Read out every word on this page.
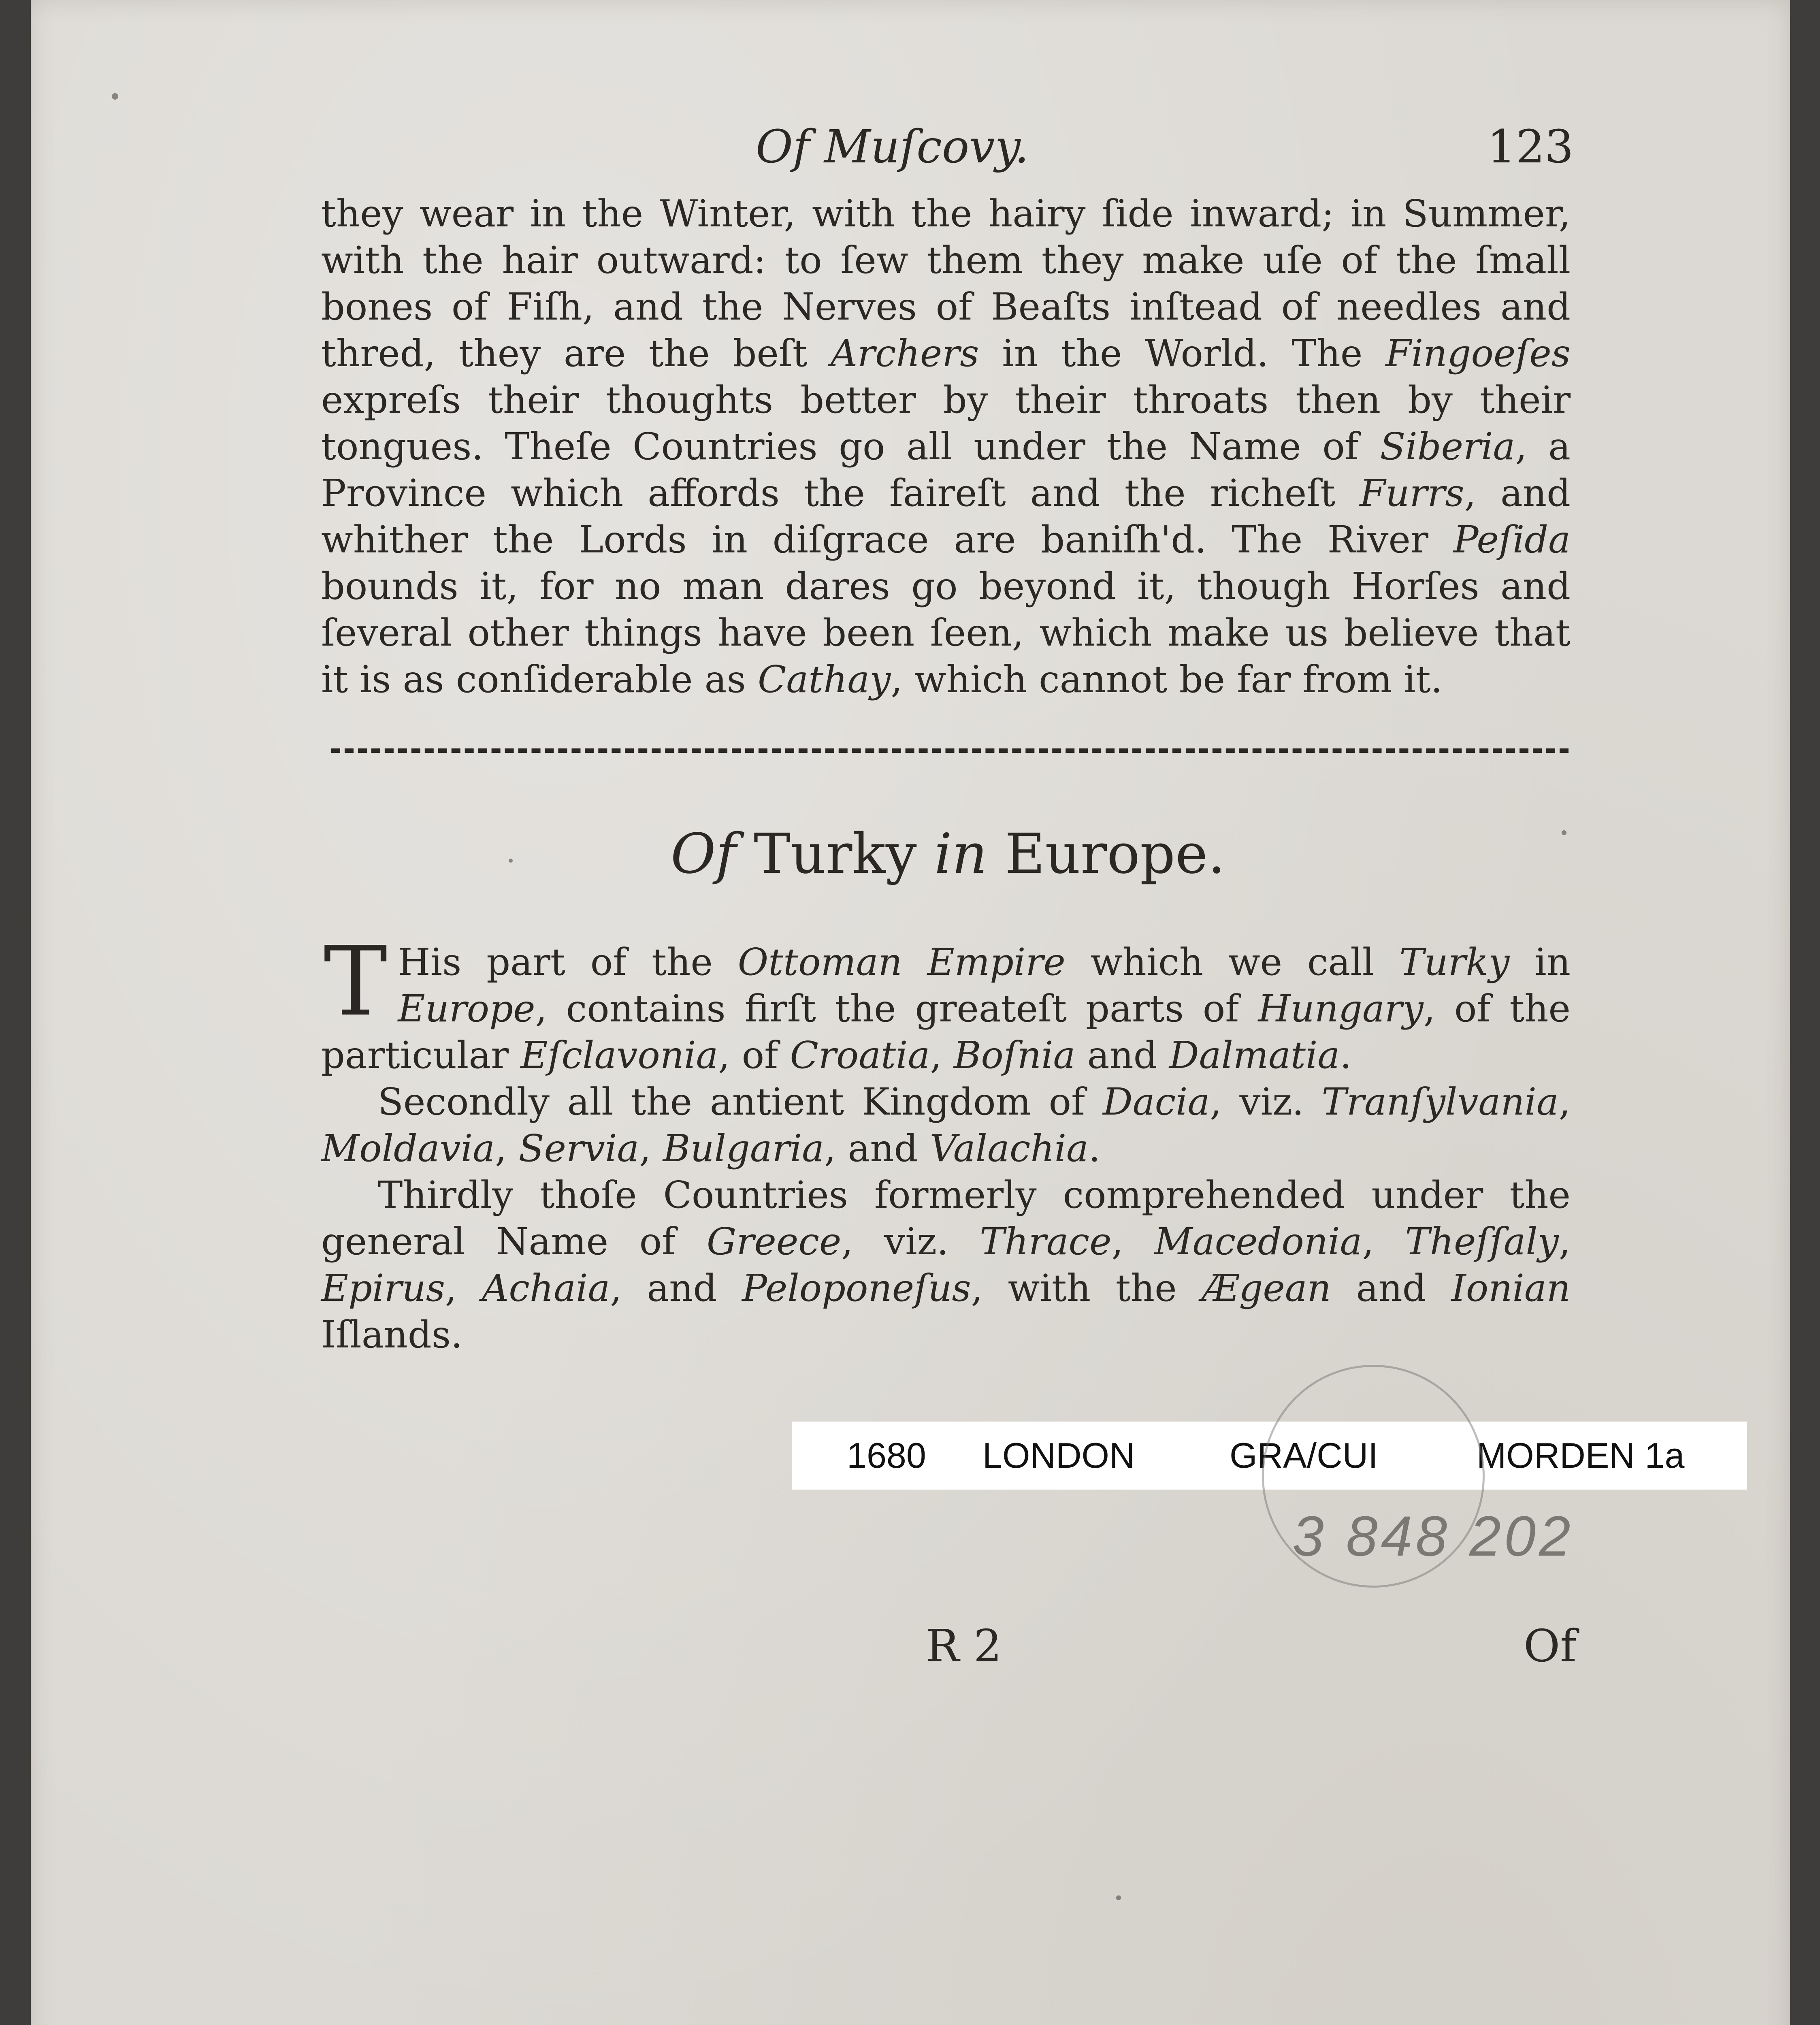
Of Muſcovy.	123

they wear in the Winter, with the hairy ſide inward; in Summer, with the hair outward: to ſew them they make uſe of the ſmall bones of Fiſh, and the Nerves of Beaſts inſtead of needles and thred, they are the beſt Archers in the World. The Fingoeſes expreſs their thoughts better by their throats then by their tongues. Theſe Countries go all under the Name of Siberia, a Province which affords the faireſt and the richeſt Furrs, and whither the Lords in diſgrace are baniſh'd. The River Peſida bounds it, for no man dares go beyond it, though Horſes and ſeveral other things have been ſeen, which make us believe that it is as conſiderable as Cathay, which cannot be far from it.

Of Turky in Europe.

T His part of the Ottoman Empire which we call Turky in Europe, contains firſt the greateſt parts of Hungary, of the particular Eſclavonia, of Croatia, Boſnia and Dalmatia.

Secondly all the antient Kingdom of Dacia, viz. Tranſylvania, Moldavia, Servia, Bulgaria, and Valachia.

Thirdly thoſe Countries formerly comprehended under the general Name of Greece, viz. Thrace, Macedonia, Theſſaly, Epirus, Achaia, and Peloponeſus, with the Ægean and Ionian Iſlands.

1680 LONDON	GRA/CUI	MORDEN 1a
3 848 202
R 2	Of
